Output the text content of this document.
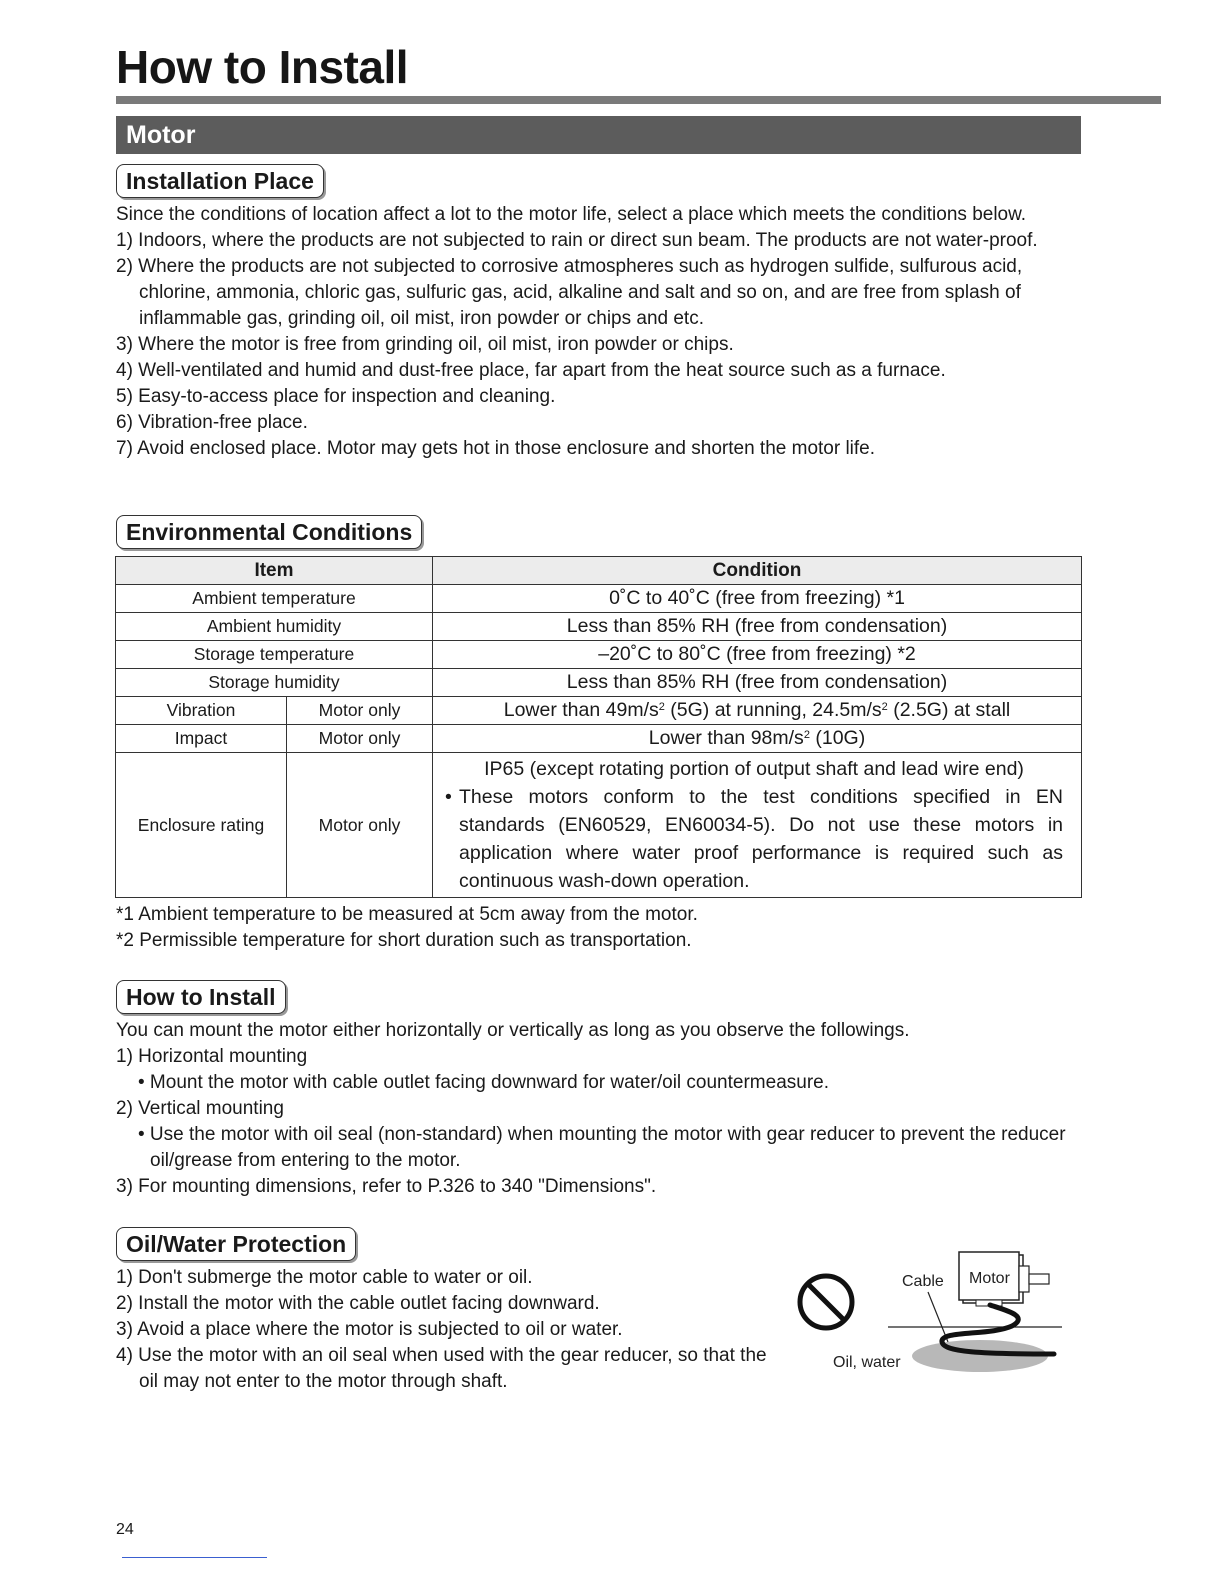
How to Install
Motor
Installation Place

Since the conditions of location affect a lot to the motor life, select a place which meets the conditions below.

1) Indoors, where the products are not subjected to rain or direct sun beam. The products are not water-proof.

2) Where the products are not subjected to corrosive atmospheres such as hydrogen sulfide, sulfurous acid, chlorine, ammonia, chloric gas, sulfuric gas, acid, alkaline and salt and so on, and are free from splash of inflammable gas, grinding oil, oil mist, iron powder or chips and etc.

3) Where the motor is free from grinding oil, oil mist, iron powder or chips.

4) Well-ventilated and humid and dust-free place, far apart from the heat source such as a furnace.

5) Easy-to-access place for inspection and cleaning.

6) Vibration-free place.

7) Avoid enclosed place. Motor may gets hot in those enclosure and shorten the motor life.

Environmental Conditions
Item		Condition
Ambient temperature		0˚C to 40˚C (free from freezing) *1
Ambient humidity		Less than 85% RH (free from condensation)
Storage temperature		–20˚C to 80˚C (free from freezing) *2
Storage humidity		Less than 85% RH (free from condensation)
Vibration	Motor only	Lower than $49m/s^2$ (5G) at running, $24.5m/s^2$ (2.5G) at stall
Impact	Motor only	Lower than $98m/s^2$ (10G)
Enclosure rating	Motor only	IP65 (except rotating portion of output shaft and lead wire end)
• These motors conform to the test conditions specified in EN standards (EN60529, EN60034-5). Do not use these motors in application where water proof performance is required such as continuous wash-down operation.

*1 Ambient temperature to be measured at 5cm away from the motor.

*2 Permissible temperature for short duration such as transportation.

How to Install

You can mount the motor either horizontally or vertically as long as you observe the followings.

1) Horizontal mounting

• Mount the motor with cable outlet facing downward for water/oil countermeasure.

2) Vertical mounting

• Use the motor with oil seal (non-standard) when mounting the motor with gear reducer to prevent the reducer oil/grease from entering to the motor.

3) For mounting dimensions, refer to P.326 to 340 "Dimensions".

Oil/Water Protection

1) Don't submerge the motor cable to water or oil.

2) Install the motor with the cable outlet facing downward.

3) Avoid a place where the motor is subjected to oil or water.

4) Use the motor with an oil seal when used with the gear reducer, so that the oil may not enter to the motor through shaft.

Motor
Cable
Oil, water
24
